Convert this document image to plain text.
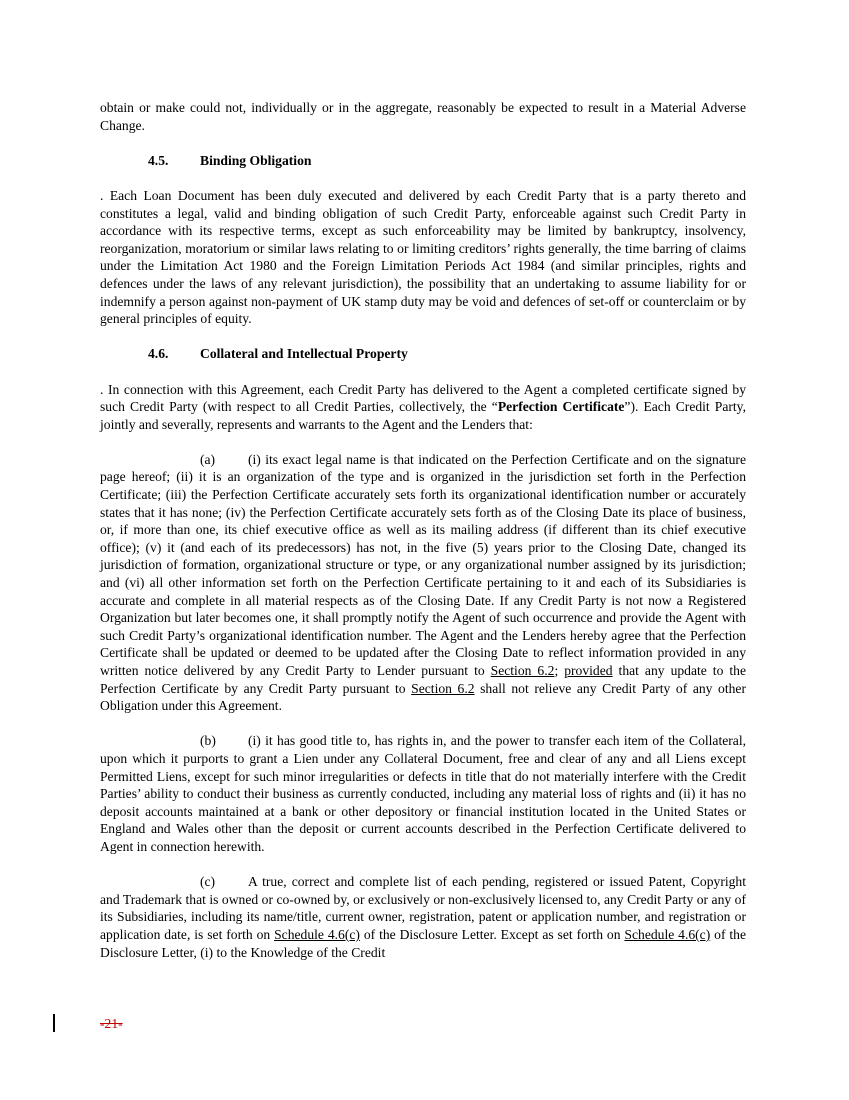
obtain or make could not, individually or in the aggregate, reasonably be expected to result in a Material Adverse Change.

4.5. Binding Obligation

. Each Loan Document has been duly executed and delivered by each Credit Party that is a party thereto and constitutes a legal, valid and binding obligation of such Credit Party, enforceable against such Credit Party in accordance with its respective terms, except as such enforceability may be limited by bankruptcy, insolvency, reorganization, moratorium or similar laws relating to or limiting creditors’ rights generally, the time barring of claims under the Limitation Act 1980 and the Foreign Limitation Periods Act 1984 (and similar principles, rights and defences under the laws of any relevant jurisdiction), the possibility that an undertaking to assume liability for or indemnify a person against non-payment of UK stamp duty may be void and defences of set-off or counterclaim or by general principles of equity.

4.6. Collateral and Intellectual Property

. In connection with this Agreement, each Credit Party has delivered to the Agent a completed certificate signed by such Credit Party (with respect to all Credit Parties, collectively, the “Perfection Certificate”). Each Credit Party, jointly and severally, represents and warrants to the Agent and the Lenders that:

(a) (i) its exact legal name is that indicated on the Perfection Certificate and on the signature page hereof; (ii) it is an organization of the type and is organized in the jurisdiction set forth in the Perfection Certificate; (iii) the Perfection Certificate accurately sets forth its organizational identification number or accurately states that it has none; (iv) the Perfection Certificate accurately sets forth as of the Closing Date its place of business, or, if more than one, its chief executive office as well as its mailing address (if different than its chief executive office); (v) it (and each of its predecessors) has not, in the five (5) years prior to the Closing Date, changed its jurisdiction of formation, organizational structure or type, or any organizational number assigned by its jurisdiction; and (vi) all other information set forth on the Perfection Certificate pertaining to it and each of its Subsidiaries is accurate and complete in all material respects as of the Closing Date. If any Credit Party is not now a Registered Organization but later becomes one, it shall promptly notify the Agent of such occurrence and provide the Agent with such Credit Party’s organizational identification number. The Agent and the Lenders hereby agree that the Perfection Certificate shall be updated or deemed to be updated after the Closing Date to reflect information provided in any written notice delivered by any Credit Party to Lender pursuant to Section 6.2; provided that any update to the Perfection Certificate by any Credit Party pursuant to Section 6.2 shall not relieve any Credit Party of any other Obligation under this Agreement.

(b) (i) it has good title to, has rights in, and the power to transfer each item of the Collateral, upon which it purports to grant a Lien under any Collateral Document, free and clear of any and all Liens except Permitted Liens, except for such minor irregularities or defects in title that do not materially interfere with the Credit Parties’ ability to conduct their business as currently conducted, including any material loss of rights and (ii) it has no deposit accounts maintained at a bank or other depository or financial institution located in the United States or England and Wales other than the deposit or current accounts described in the Perfection Certificate delivered to Agent in connection herewith.

(c) A true, correct and complete list of each pending, registered or issued Patent, Copyright and Trademark that is owned or co-owned by, or exclusively or non-exclusively licensed to, any Credit Party or any of its Subsidiaries, including its name/title, current owner, registration, patent or application number, and registration or application date, is set forth on Schedule 4.6(c) of the Disclosure Letter. Except as set forth on Schedule 4.6(c) of the Disclosure Letter, (i) to the Knowledge of the Credit

-21-
